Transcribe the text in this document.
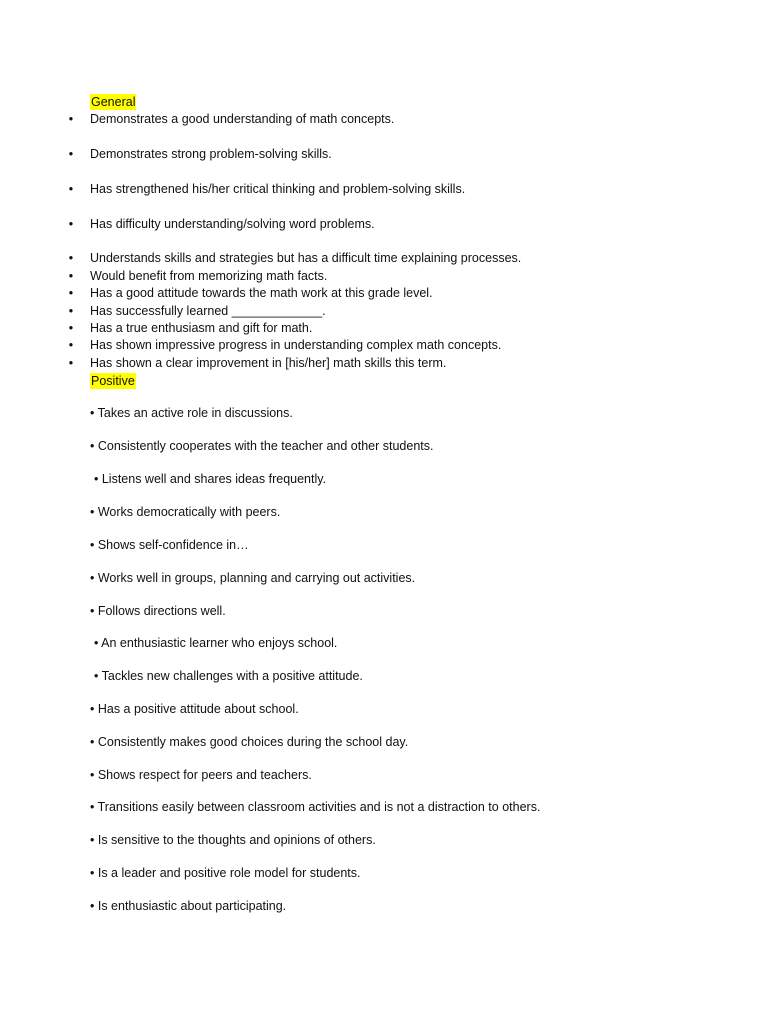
General
• Demonstrates a good understanding of math concepts.
• Demonstrates strong problem-solving skills.
• Has strengthened his/her critical thinking and problem-solving skills.
• Has difficulty understanding/solving word problems.
• Understands skills and strategies but has a difficult time explaining processes.
• Would benefit from memorizing math facts.
• Has a good attitude towards the math work at this grade level.
• Has successfully learned _____________.
• Has a true enthusiasm and gift for math.
• Has shown impressive progress in understanding complex math concepts.
• Has shown a clear improvement in [his/her] math skills this term.
Positive
• Takes an active role in discussions.
• Consistently cooperates with the teacher and other students.
• Listens well and shares ideas frequently.
• Works democratically with peers.
• Shows self-confidence in…
• Works well in groups, planning and carrying out activities.
• Follows directions well.
• An enthusiastic learner who enjoys school.
• Tackles new challenges with a positive attitude.
• Has a positive attitude about school.
• Consistently makes good choices during the school day.
• Shows respect for peers and teachers.
• Transitions easily between classroom activities and is not a distraction to others.
• Is sensitive to the thoughts and opinions of others.
• Is a leader and positive role model for students.
• Is enthusiastic about participating.
